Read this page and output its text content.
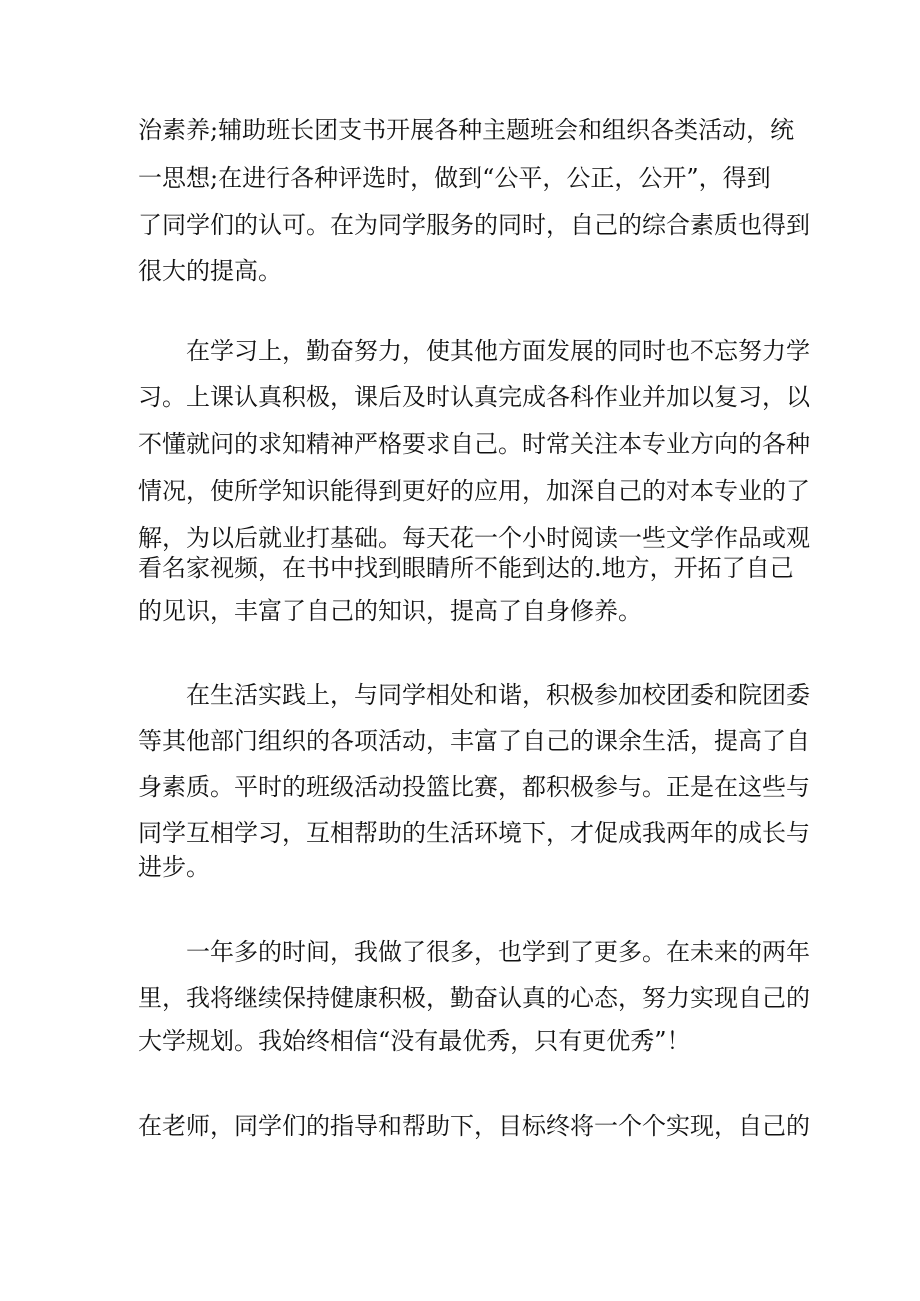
治素养;辅助班长团支书开展各种主题班会和组织各类活动，统
一思想;在进行各种评选时，做到“公平，公正，公开”，得到
了同学们的认可。在为同学服务的同时，自己的综合素质也得到
很大的提高。
在学习上，勤奋努力，使其他方面发展的同时也不忘努力学
习。上课认真积极，课后及时认真完成各科作业并加以复习，以
不懂就问的求知精神严格要求自己。时常关注本专业方向的各种
情况，使所学知识能得到更好的应用，加深自己的对本专业的了
解，为以后就业打基础。每天花一个小时阅读一些文学作品或观
看名家视频，在书中找到眼睛所不能到达的.地方，开拓了自己
的见识，丰富了自己的知识，提高了自身修养。
在生活实践上，与同学相处和谐，积极参加校团委和院团委
等其他部门组织的各项活动，丰富了自己的课余生活，提高了自
身素质。平时的班级活动投篮比赛，都积极参与。正是在这些与
同学互相学习，互相帮助的生活环境下，才促成我两年的成长与
进步。
一年多的时间，我做了很多，也学到了更多。在未来的两年
里，我将继续保持健康积极，勤奋认真的心态，努力实现自己的
大学规划。我始终相信“没有最优秀，只有更优秀”！
在老师，同学们的指导和帮助下，目标终将一个个实现，自己的
